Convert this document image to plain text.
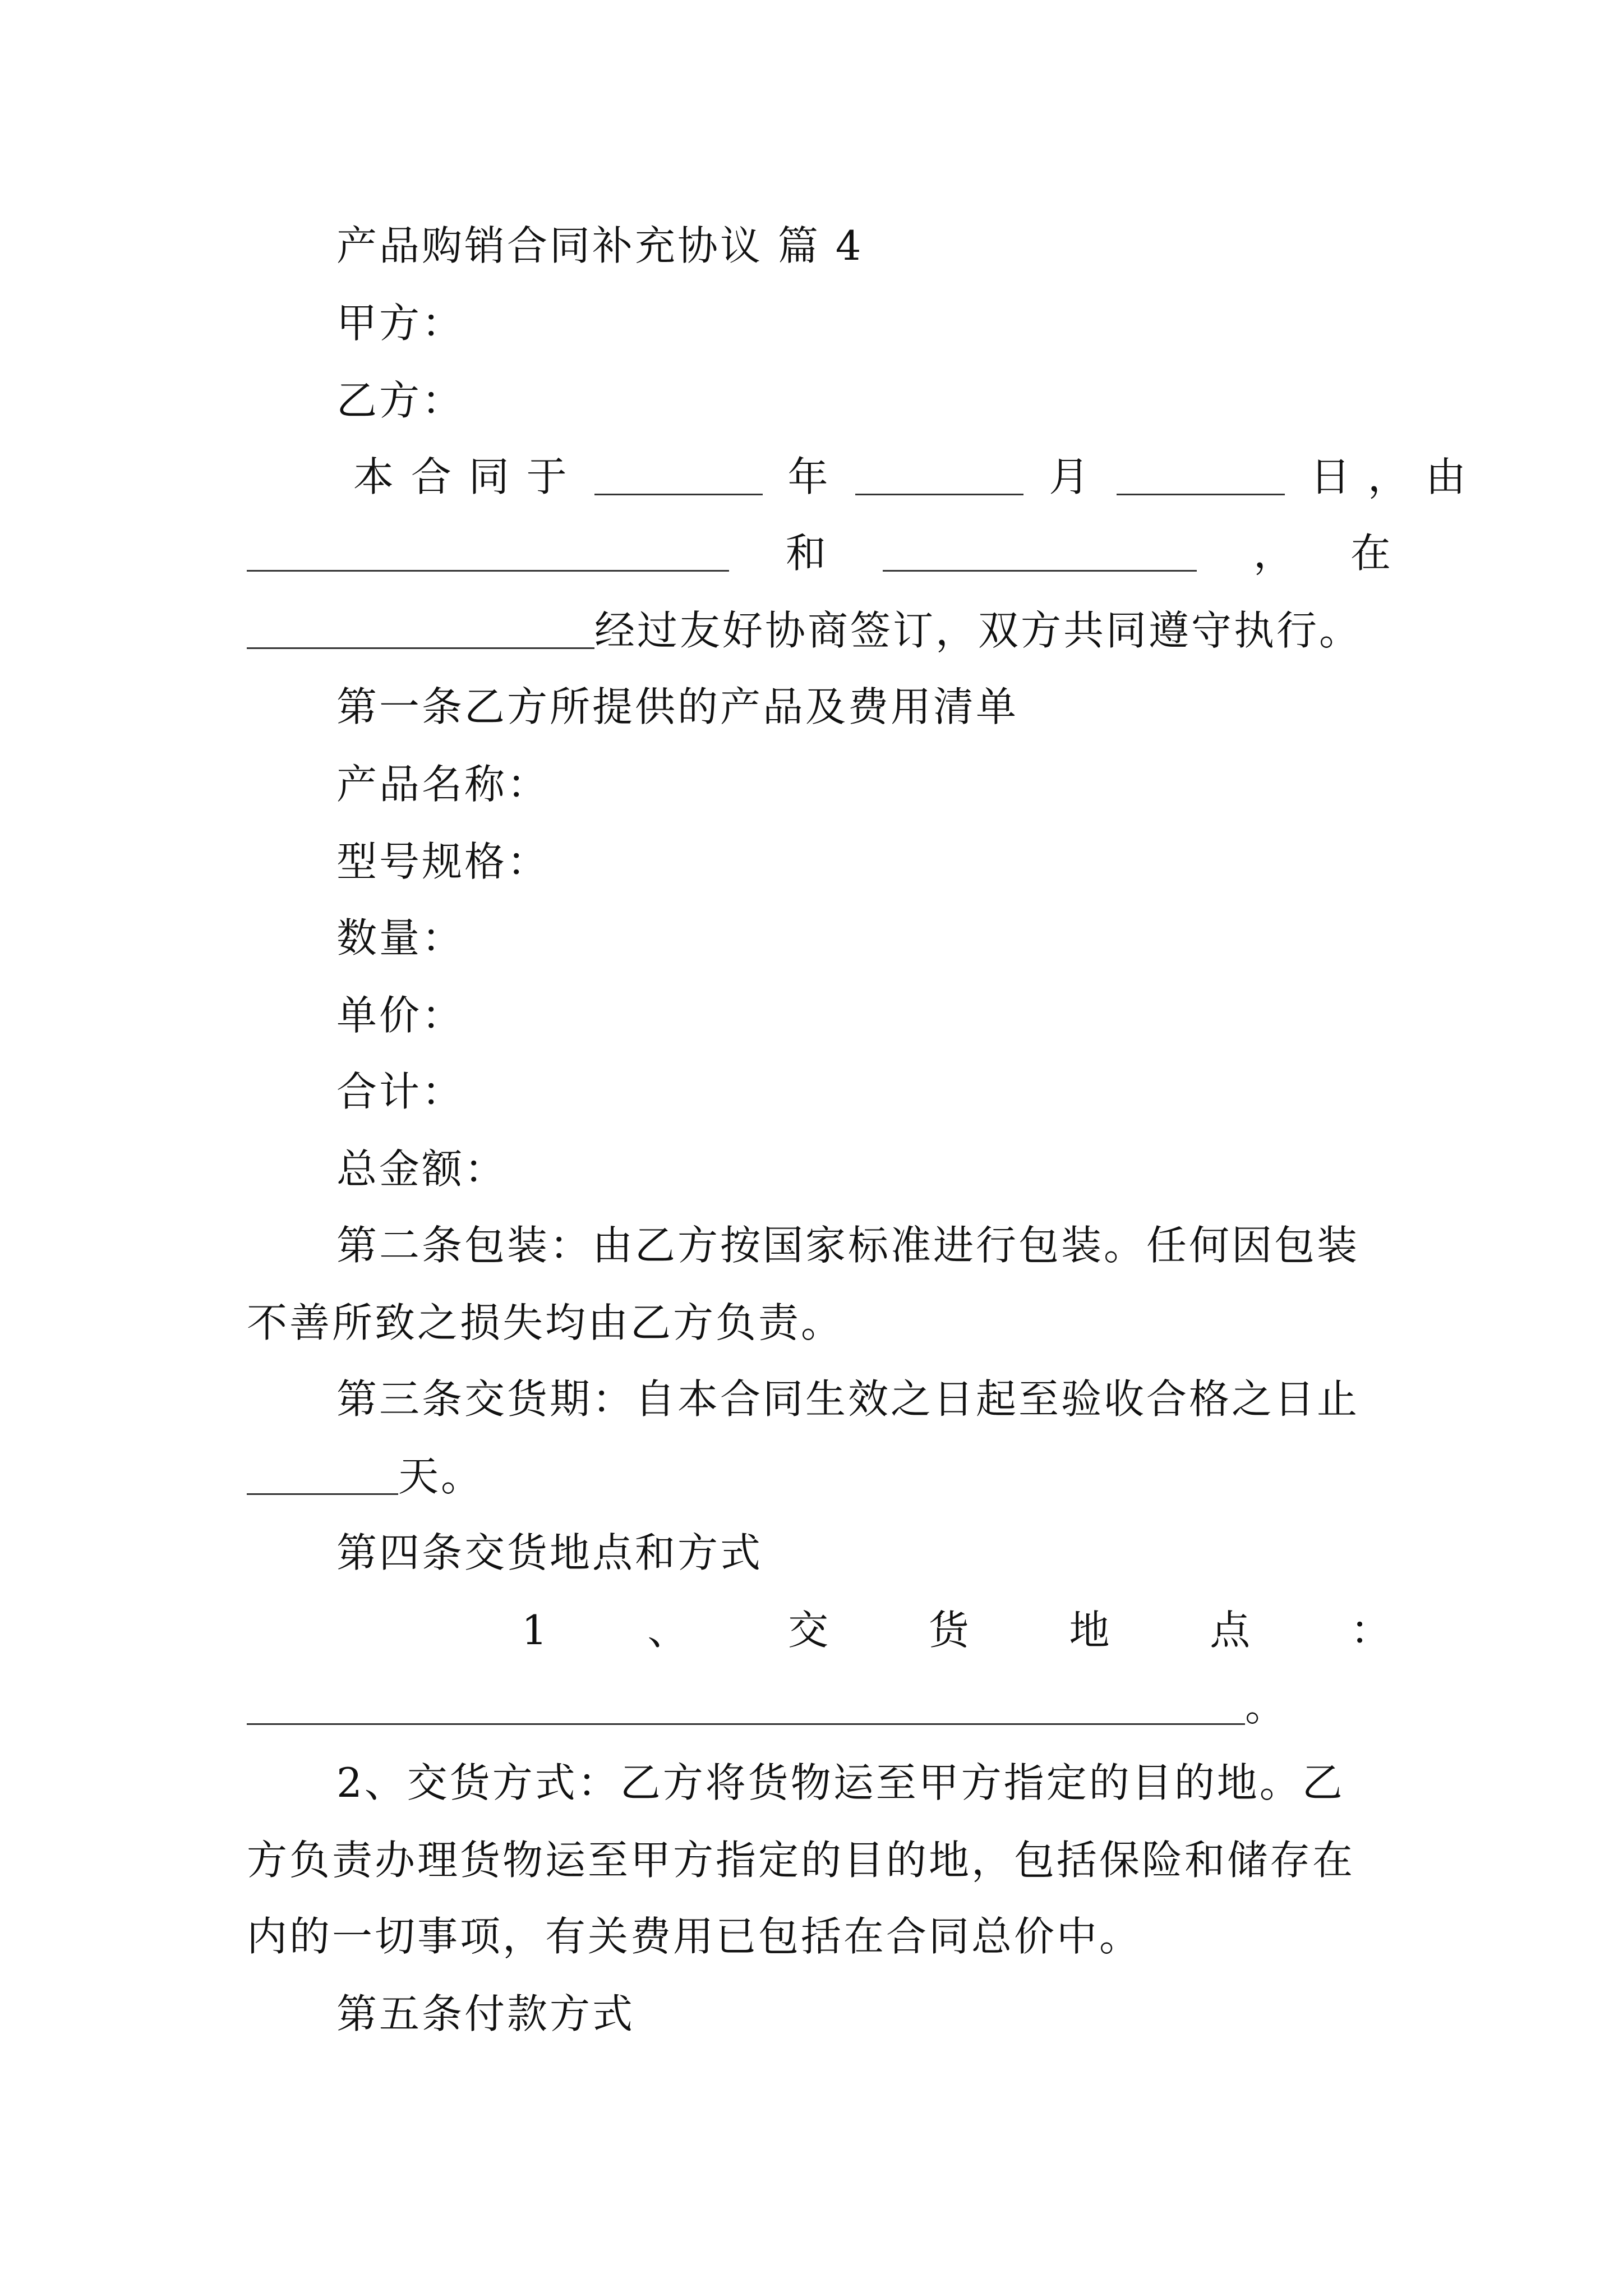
产品购销合同补充协议 篇 4
甲方：
乙方：
本 合 同 于	年	月	日 ， 由
和	， 在
经过友好协商签订，双方共同遵守执行。
第一条乙方所提供的产品及费用清单
产品名称：
型号规格：
数量：
单价：
合计：
总金额：
第二条包装：由乙方按国家标准进行包装。任何因包装
不善所致之损失均由乙方负责。
第三条交货期：自本合同生效之日起至验收合格之日止
天。
第四条交货地点和方式
1 、 交 货 地 点 ：
。
2、交货方式：乙方将货物运至甲方指定的目的地。乙
方负责办理货物运至甲方指定的目的地，包括保险和储存在
内的一切事项，有关费用已包括在合同总价中。
第五条付款方式
